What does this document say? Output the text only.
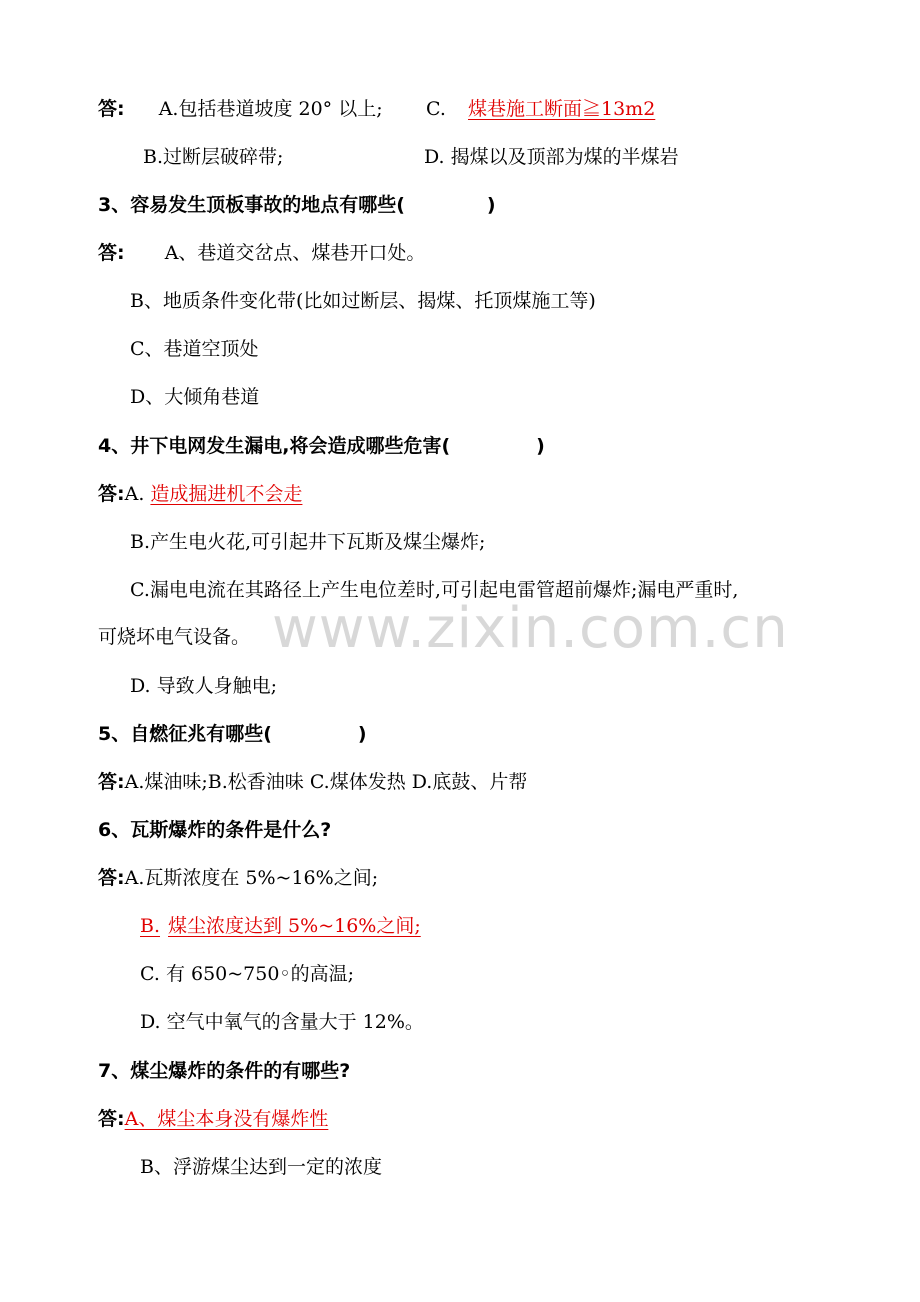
www.zixin.com.cn
答: A.包括巷道坡度 20° 以上; C. 煤巷施工断面≧13m2
B.过断层破碎带;	D. 揭煤以及顶部为煤的半煤岩
3、容易发生顶板事故的地点有哪些(	)
答: A、巷道交岔点、煤巷开口处。
B、地质条件变化带(比如过断层、揭煤、托顶煤施工等)
C、巷道空顶处
D、大倾角巷道
4、井下电网发生漏电,将会造成哪些危害(	)
答:A. 造成掘进机不会走
B.产生电火花,可引起井下瓦斯及煤尘爆炸;
C.漏电电流在其路径上产生电位差时,可引起电雷管超前爆炸;漏电严重时,
可烧坏电气设备。
D. 导致人身触电;
5、自燃征兆有哪些(	)
答:A.煤油味;B.松香油味 C.煤体发热 D.底鼓、片帮
6、瓦斯爆炸的条件是什么?
答:A.瓦斯浓度在 5%~16%之间;
B. 煤尘浓度达到 5%~16%之间;
C. 有 650~750◦的高温;
D. 空气中氧气的含量大于 12%。
7、煤尘爆炸的条件的有哪些?
答:A、煤尘本身没有爆炸性
B、浮游煤尘达到一定的浓度
